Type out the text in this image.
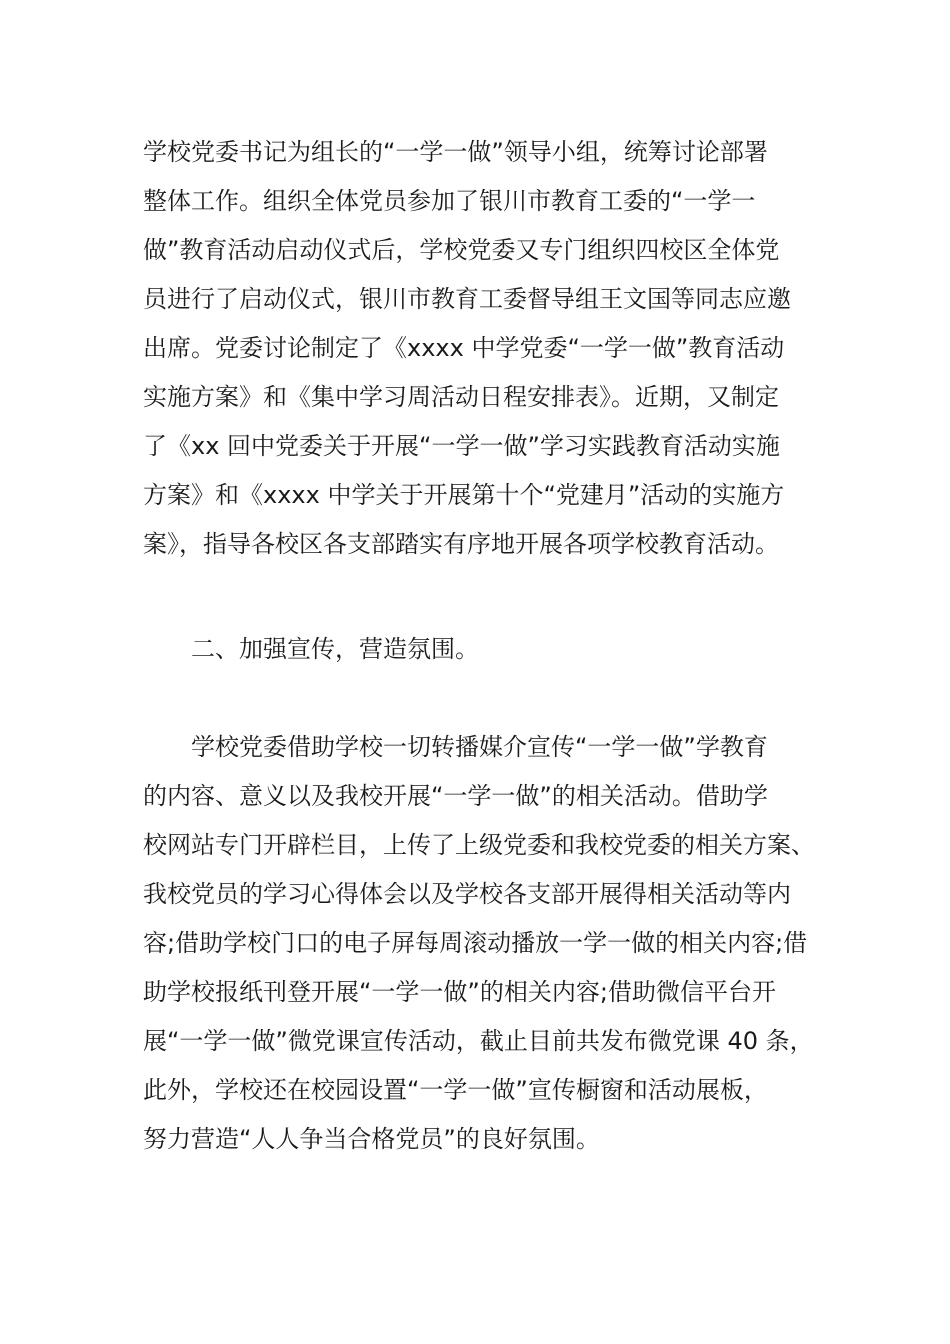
学校党委书记为组长的“一学一做”领导小组，统筹讨论部署
整体工作。组织全体党员参加了银川市教育工委的“一学一
做”教育活动启动仪式后，学校党委又专门组织四校区全体党
员进行了启动仪式，银川市教育工委督导组王文国等同志应邀
出席。党委讨论制定了《xxxx 中学党委“一学一做”教育活动
实施方案》和《集中学习周活动日程安排表》。近期，又制定
了《xx 回中党委关于开展“一学一做”学习实践教育活动实施
方案》和《xxxx 中学关于开展第十个“党建月”活动的实施方
案》，指导各校区各支部踏实有序地开展各项学校教育活动。
二、加强宣传，营造氛围。
学校党委借助学校一切转播媒介宣传“一学一做”学教育
的内容、意义以及我校开展“一学一做”的相关活动。借助学
校网站专门开辟栏目，上传了上级党委和我校党委的相关方案、
我校党员的学习心得体会以及学校各支部开展得相关活动等内
容;借助学校门口的电子屏每周滚动播放一学一做的相关内容;借
助学校报纸刊登开展“一学一做”的相关内容;借助微信平台开
展“一学一做”微党课宣传活动，截止目前共发布微党课 40 条，
此外，学校还在校园设置“一学一做”宣传橱窗和活动展板，
努力营造“人人争当合格党员”的良好氛围。
